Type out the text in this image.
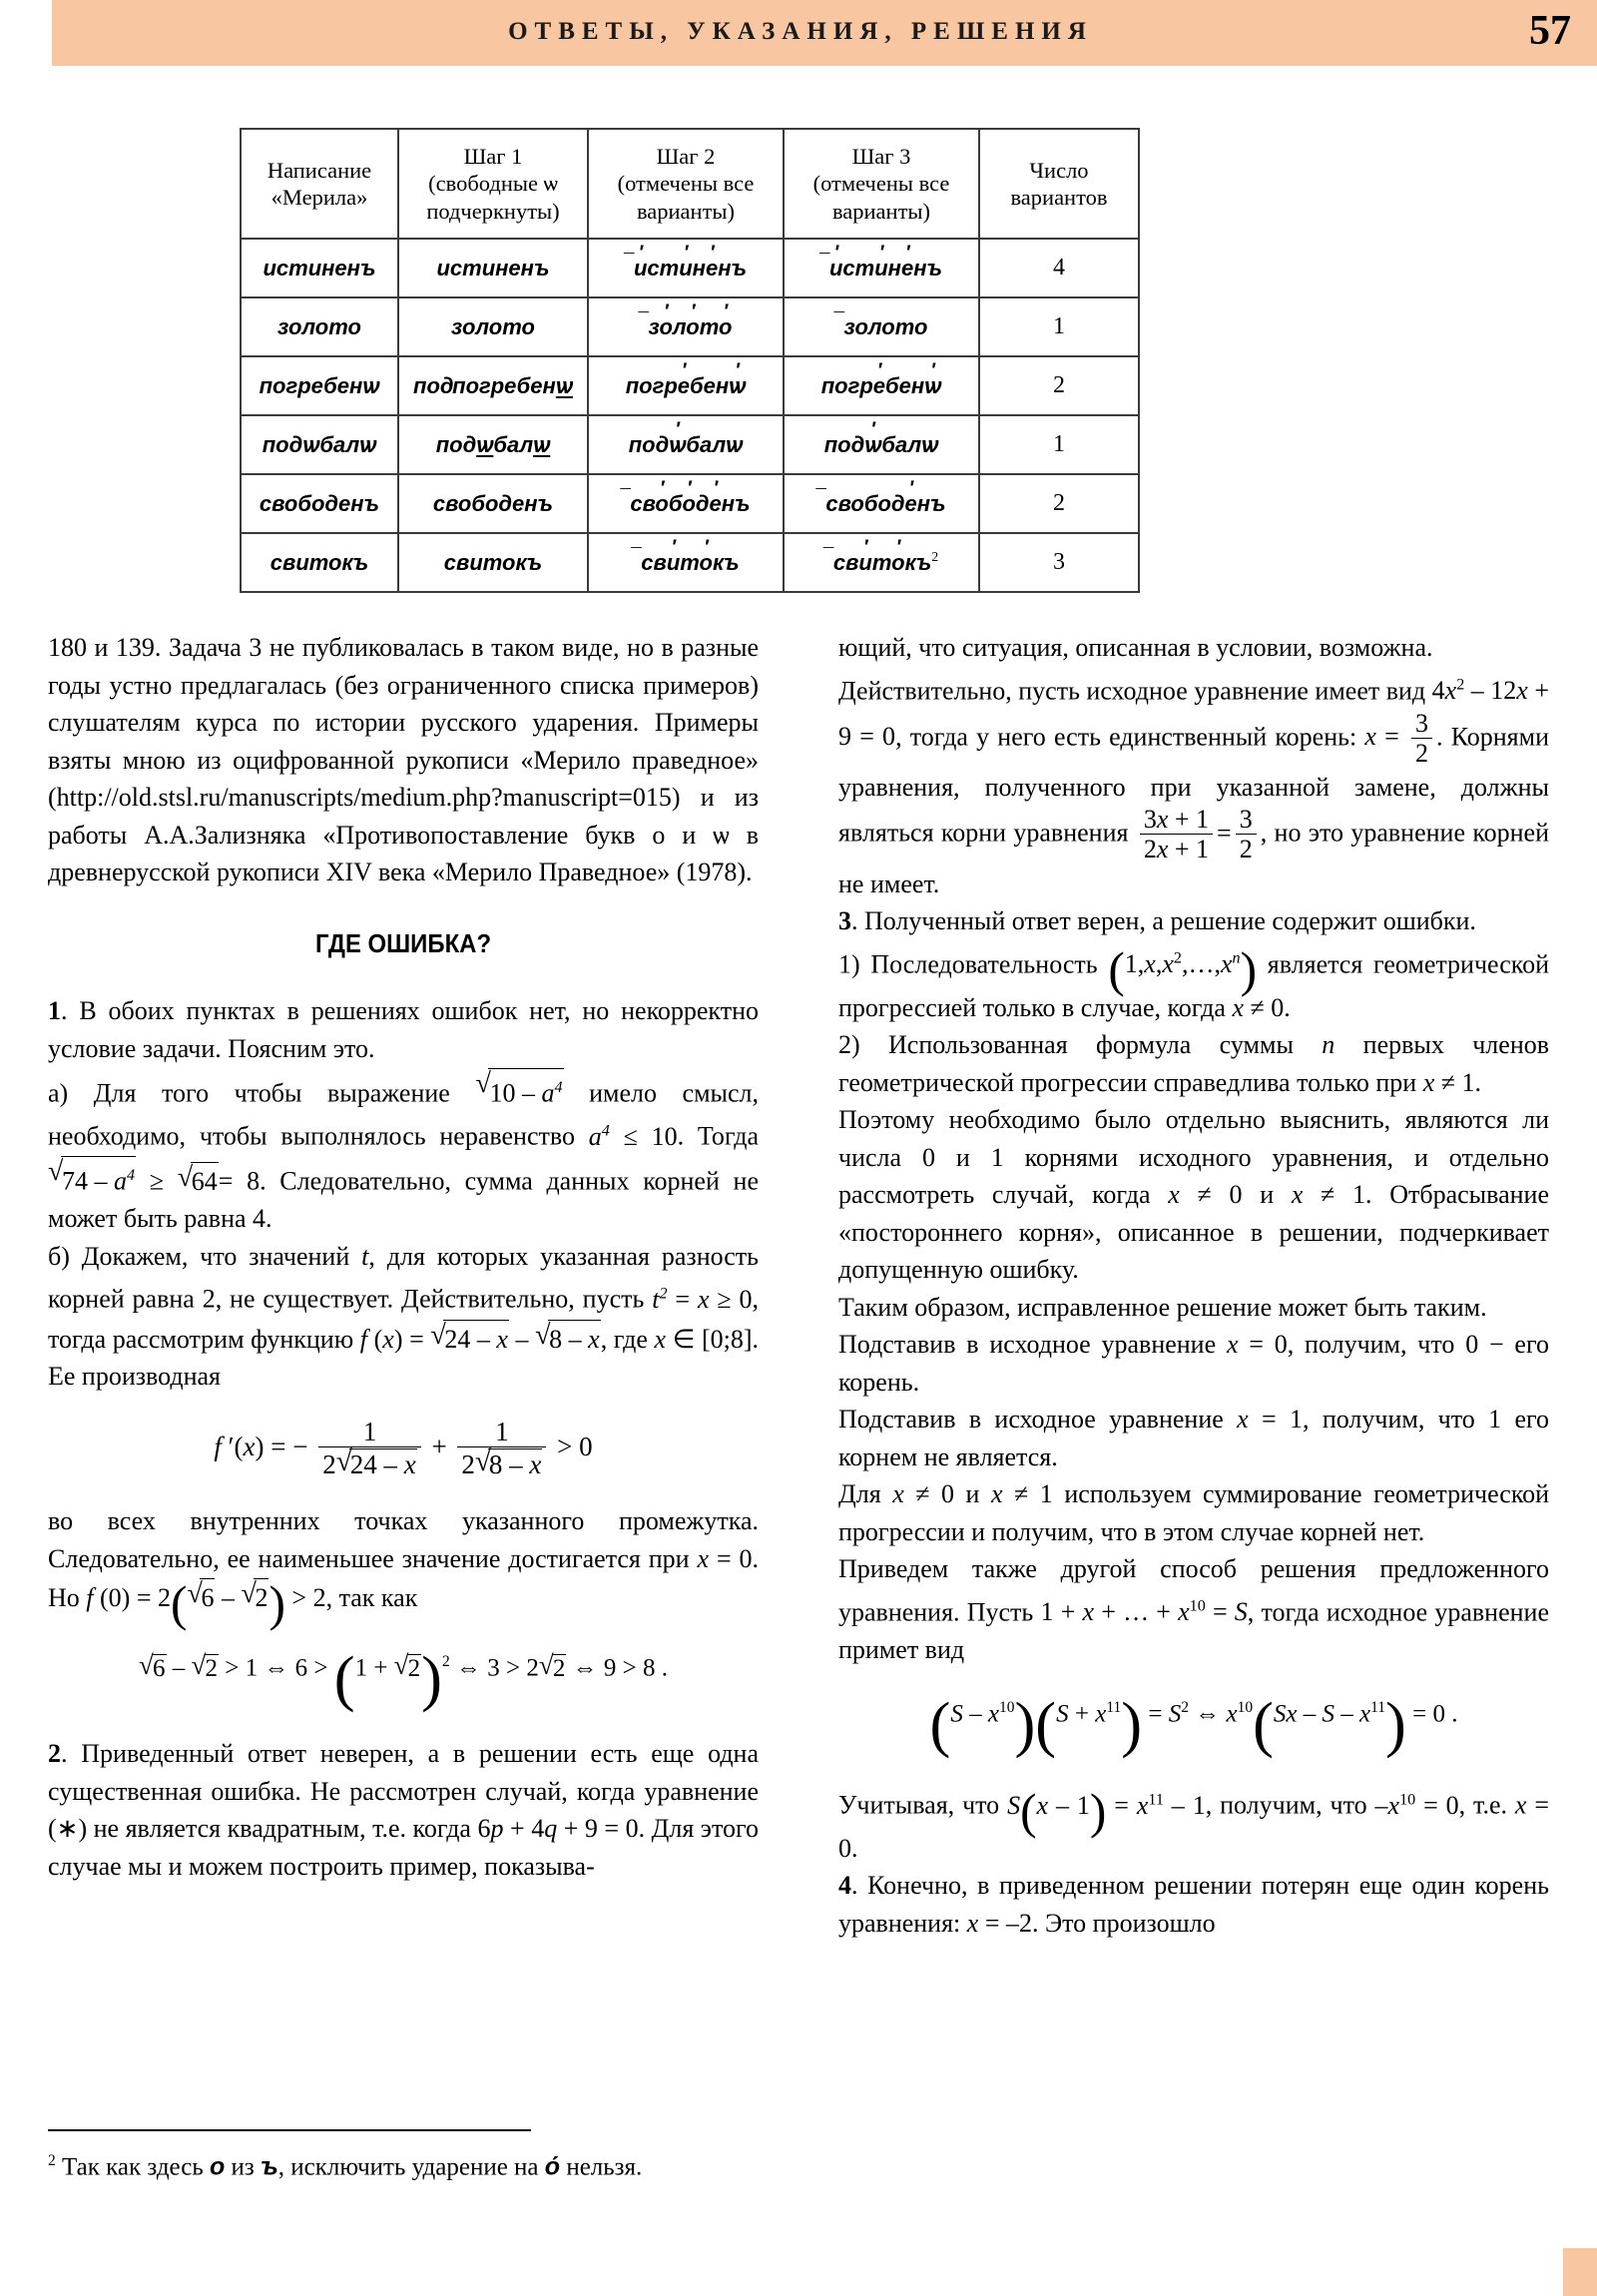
ОТВЕТЫ, УКАЗАНИЯ, РЕШЕНИЯ	57
Написание
«Мерила»	Шаг 1
(свободные ѡ
подчеркнуты)	Шаг 2
(отмечены все
варианты)	Шаг 3
(отмечены все
варианты)	Число
вариантов
истиненъ	истиненъ	¯ и ′сти ′не ′нъ	¯ и ′сти ′не ′нъ	4
золото	золото	¯ зо ′ло ′то ′	¯ золото	1
погребенѡ	подпогребенѡ	погре ′бенѡ ′	погре ′бенѡ ′	2
подѡбалѡ	подѡбалѡ	подѡ ′балѡ	подѡ ′балѡ	1
свободенъ	свободенъ	¯ сво ′бо ′де ′нъ	¯ свободе ′нъ	2
свитокъ	свитокъ	¯ сви ′то ′къ	¯ сви ′то ′къ$^2$	3

180 и 139. Задача 3 не публиковалась в таком виде, но в разные годы устно предлагалась (без ограниченного списка примеров) слушателям курса по истории русского ударения. Примеры взяты мною из оцифрованной рукописи «Мерило праведное» (http://old.stsl.ru/manuscripts/medium.php?manuscript=015) и из работы А.А.Зализняка «Противопоставление букв о и ѡ в древнерусской рукописи XIV века «Мерило Праведное» (1978).

ГДЕ ОШИБКА?

1. В обоих пунктах в решениях ошибок нет, но некорректно условие задачи. Поясним это.

а) Для того чтобы выражение √ $10 - a^4$ имело смысл, необходимо, чтобы выполнялось неравенство $a^4 \le 10$. Тогда √ $74 - a^4$ ≥ √ 64= 8. Следовательно, сумма данных корней не может быть равна 4.

б) Докажем, что значений t, для которых указанная разность корней равна 2, не существует. Действительно, пусть $t^2 = x \ge 0$, тогда рассмотрим функцию f (x) = √ 24 – x – √ 8 – x, где x ∈ [0;8]. Ее производная

f ′(x) = − $\frac{1}{2 √ 24 - x} + \frac{1}{2 √ 8 - x} > 0$

во всех внутренних точках указанного промежутка. Следовательно, ее наименьшее значение достигается при x = 0. Но f (0) = 2( √ 6 – √ 2) > 2, так как

√ 6 – √ 2 > 1 ⇔ 6 > (1 + √ 2)$^2$ ⇔ 3 > 2 √ 2 ⇔ 9 > 8 .

2. Приведенный ответ неверен, а в решении есть еще одна существенная ошибка. Не рассмотрен случай, когда уравнение (∗) не является квадратным, т.е. когда 6p + 4q + 9 = 0. Для этого случае мы и можем построить пример, показыва-

$^2$ Так как здесь о из ъ, исключить ударение на о́ нельзя.

ющий, что ситуация, описанная в условии, возможна.

Действительно, пусть исходное уравнение имеет вид $4x^2 - 12x + 9 = 0$, тогда у него есть единственный корень: $x = \frac{3}{2}$ . Корнями уравнения, полученного при указанной замене, должны являться корни уравнения $\frac{3x + 1}{2x + 1} = \frac{3}{2}$ , но это уравнение корней не имеет.

3. Полученный ответ верен, а решение содержит ошибки.

1) Последовательность $(1,x,x^2,\dots,x^n)$ является геометрической прогрессией только в случае, когда x ≠ 0.

2) Использованная формула суммы n первых членов геометрической прогрессии справедлива только при x ≠ 1.

Поэтому необходимо было отдельно выяснить, являются ли числа 0 и 1 корнями исходного уравнения, и отдельно рассмотреть случай, когда x ≠ 0 и x ≠ 1. Отбрасывание «постороннего корня», описанное в решении, подчеркивает допущенную ошибку.

Таким образом, исправленное решение может быть таким.

Подставив в исходное уравнение x = 0, получим, что 0 − его корень.

Подставив в исходное уравнение x = 1, получим, что 1 его корнем не является.

Для x ≠ 0 и x ≠ 1 используем суммирование геометрической прогрессии и получим, что в этом случае корней нет.

Приведем также другой способ решения предложенного уравнения. Пусть 1 + x + … + $x^{10} = S$, тогда исходное уравнение примет вид

$(S - x^{10})(S + x^{11}) = S^2$ ⇔ $x^{10}(Sx - S - x^{11}) = 0$ .

Учитывая, что $S(x - 1) = x^{11} - 1$, получим, что $-x^{10} = 0$, т.е. x = 0.

4. Конечно, в приведенном решении потерян еще один корень уравнения: x = –2. Это произошло
